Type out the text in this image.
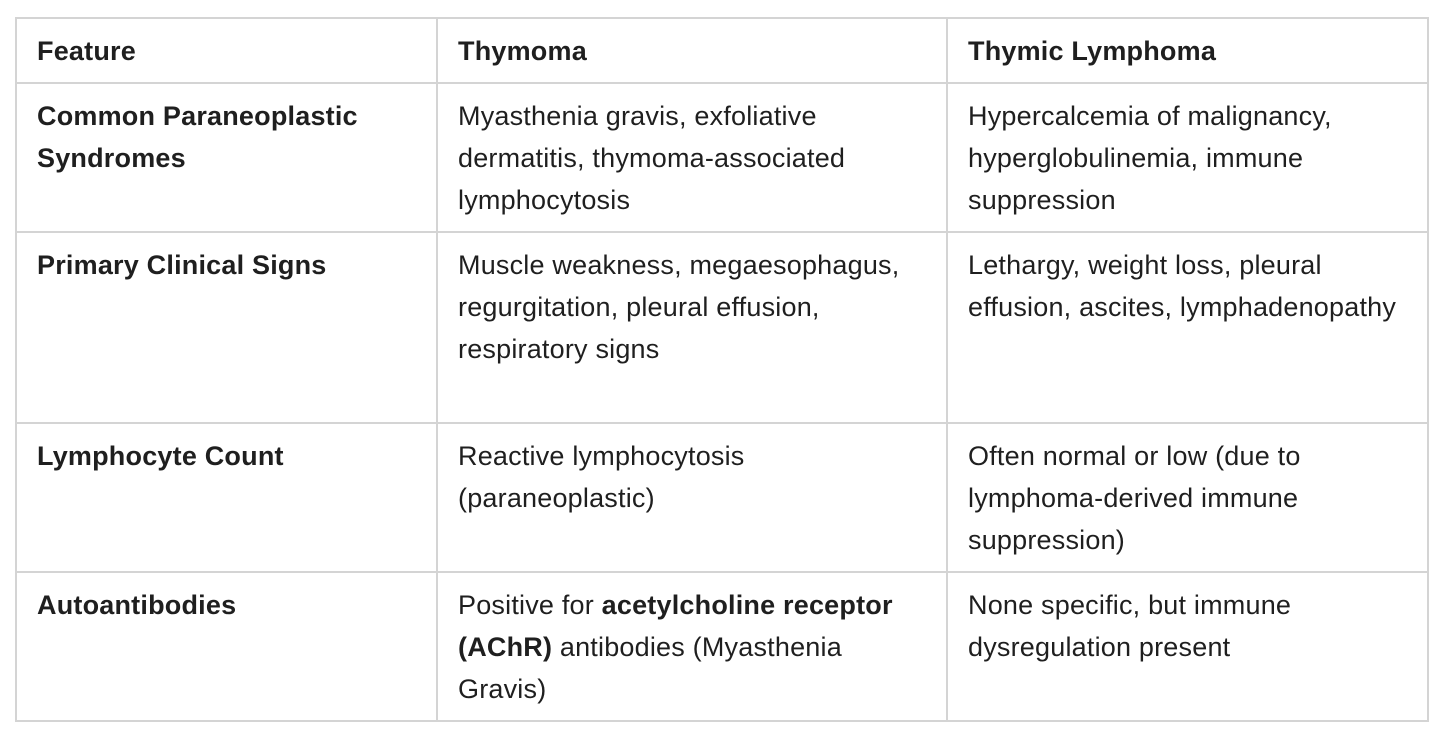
Feature	Thymoma	Thymic Lymphoma
Common Paraneoplastic Syndromes	Myasthenia gravis, exfoliative dermatitis, thymoma-associated lymphocytosis	Hypercalcemia of malignancy, hyperglobulinemia, immune suppression
Primary Clinical Signs	Muscle weakness, megaesophagus, regurgitation, pleural effusion, respiratory signs	Lethargy, weight loss, pleural effusion, ascites, lymphadenopathy
Lymphocyte Count	Reactive lymphocytosis (paraneoplastic)	Often normal or low (due to lymphoma-derived immune suppression)
Autoantibodies	Positive for acetylcholine receptor (AChR) antibodies (Myasthenia Gravis)	None specific, but immune dysregulation present
